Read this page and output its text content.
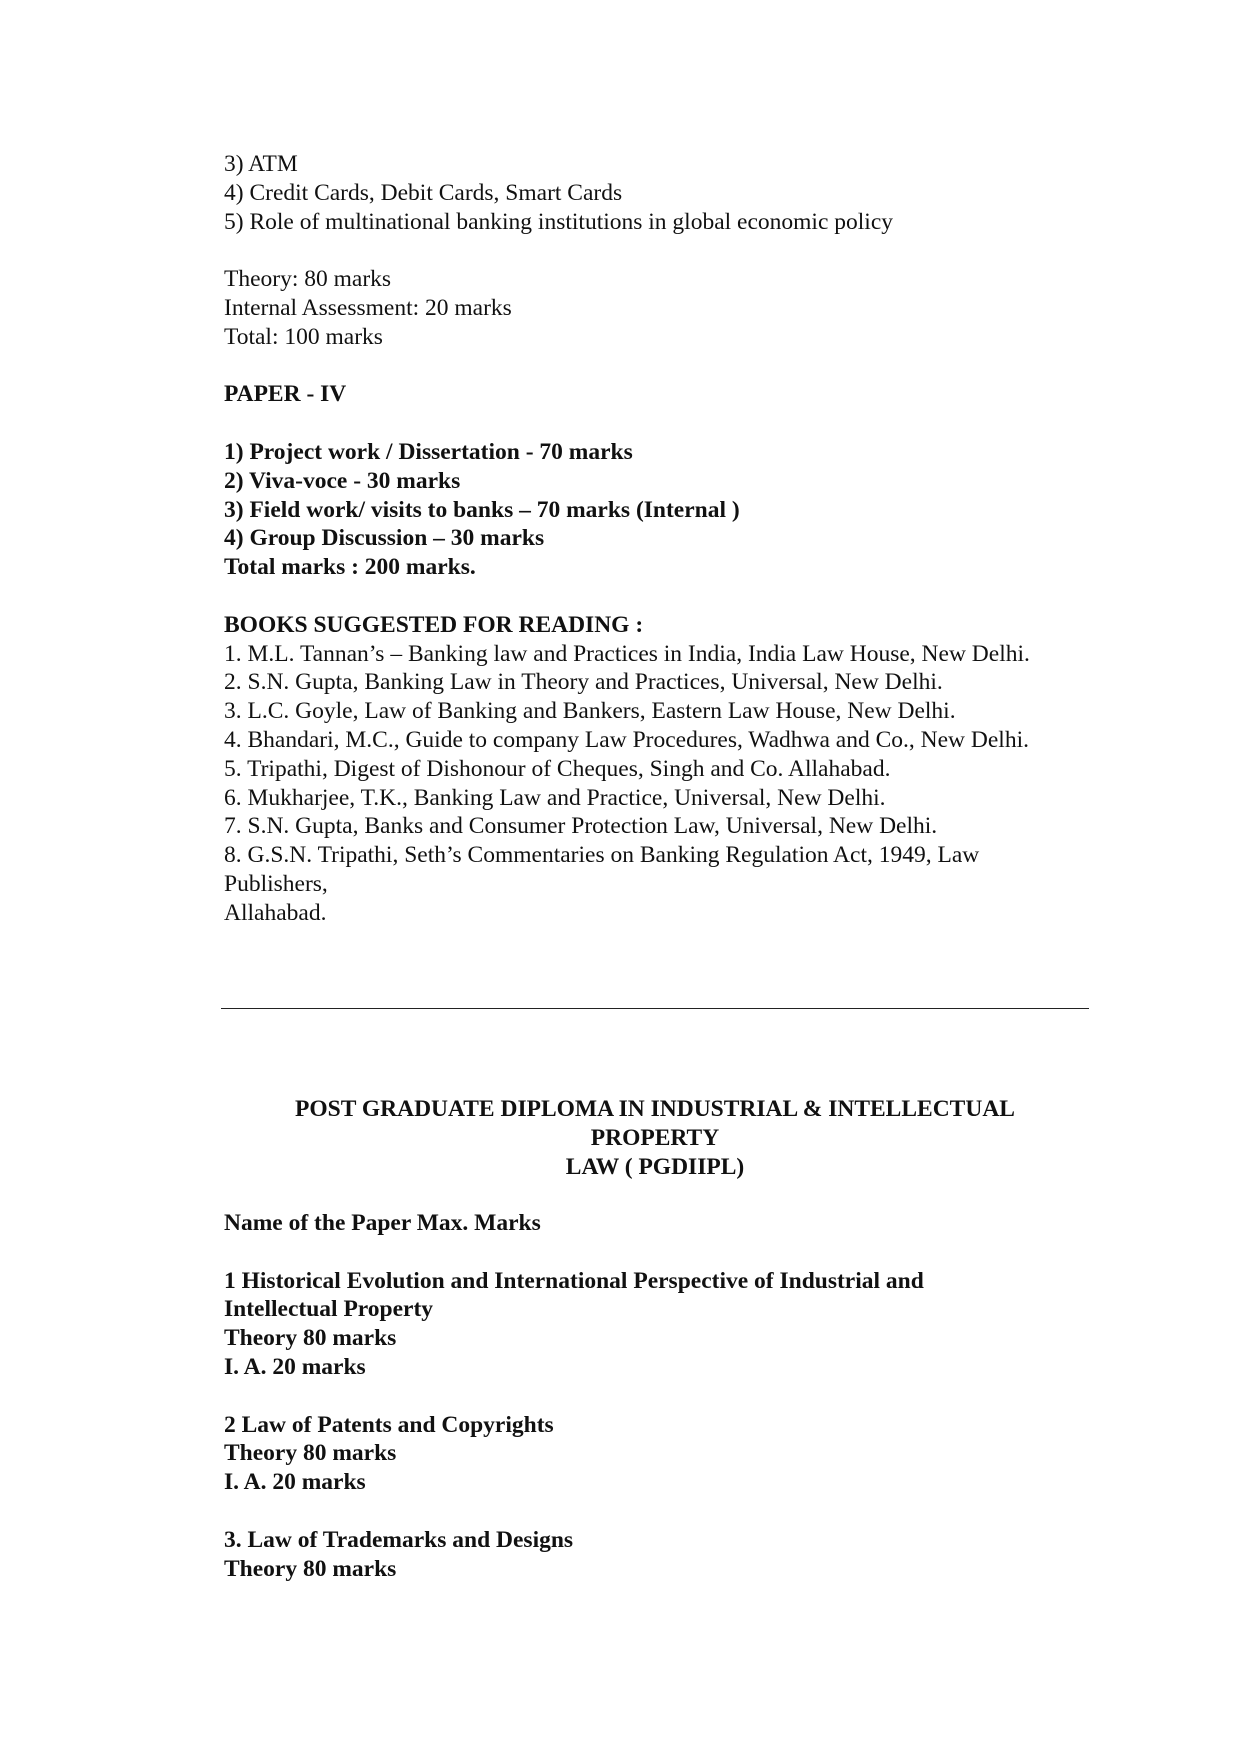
3) ATM

4) Credit Cards, Debit Cards, Smart Cards

5) Role of multinational banking institutions in global economic policy

Theory: 80 marks

Internal Assessment: 20 marks

Total: 100 marks

PAPER - IV

1) Project work / Dissertation - 70 marks

2) Viva-voce - 30 marks

3) Field work/ visits to banks – 70 marks (Internal )

4) Group Discussion – 30 marks

Total marks : 200 marks.

BOOKS SUGGESTED FOR READING :

1. M.L. Tannan’s – Banking law and Practices in India, India Law House, New Delhi.

2. S.N. Gupta, Banking Law in Theory and Practices, Universal, New Delhi.

3. L.C. Goyle, Law of Banking and Bankers, Eastern Law House, New Delhi.

4. Bhandari, M.C., Guide to company Law Procedures, Wadhwa and Co., New Delhi.

5. Tripathi, Digest of Dishonour of Cheques, Singh and Co. Allahabad.

6. Mukharjee, T.K., Banking Law and Practice, Universal, New Delhi.

7. S.N. Gupta, Banks and Consumer Protection Law, Universal, New Delhi.

8. G.S.N. Tripathi, Seth’s Commentaries on Banking Regulation Act, 1949, Law

Publishers,

Allahabad.

POST GRADUATE DIPLOMA IN INDUSTRIAL & INTELLECTUAL

PROPERTY

LAW ( PGDIIPL)

Name of the Paper Max. Marks

1 Historical Evolution and International Perspective of Industrial and

Intellectual Property

Theory 80 marks

I. A. 20 marks

2 Law of Patents and Copyrights

Theory 80 marks

I. A. 20 marks

3. Law of Trademarks and Designs

Theory 80 marks
